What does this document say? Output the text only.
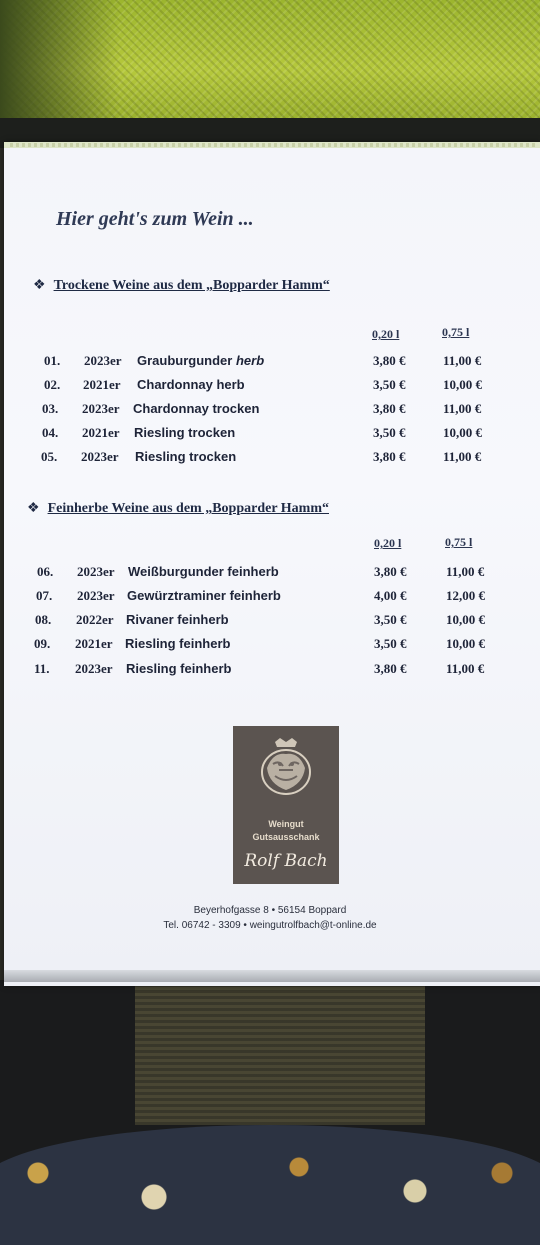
Hier geht's zum Wein ...
❖ Trockene Weine aus dem „Bopparder Hamm“
0,20 l	0,75 l
01. 2023er Grauburgunder herb	3,80 €	11,00 €
02. 2021er Chardonnay herb	3,50 €	10,00 €
03. 2023er Chardonnay trocken	3,80 €	11,00 €
04. 2021er Riesling trocken	3,50 €	10,00 €
05. 2023er Riesling trocken	3,80 €	11,00 €
❖ Feinherbe Weine aus dem „Bopparder Hamm“
0,20 l	0,75 l
06. 2023er Weißburgunder feinherb	3,80 €	11,00 €
07. 2023er Gewürztraminer feinherb	4,00 €	12,00 €
08. 2022er Rivaner feinherb	3,50 €	10,00 €
09. 2021er Riesling feinherb	3,50 €	10,00 €
11. 2023er Riesling feinherb	3,80 €	11,00 €
Weingut
Gutsausschank
Rolf Bach
Beyerhofgasse 8 • 56154 Boppard
Tel. 06742 - 3309 • weingutrolfbach@t-online.de
